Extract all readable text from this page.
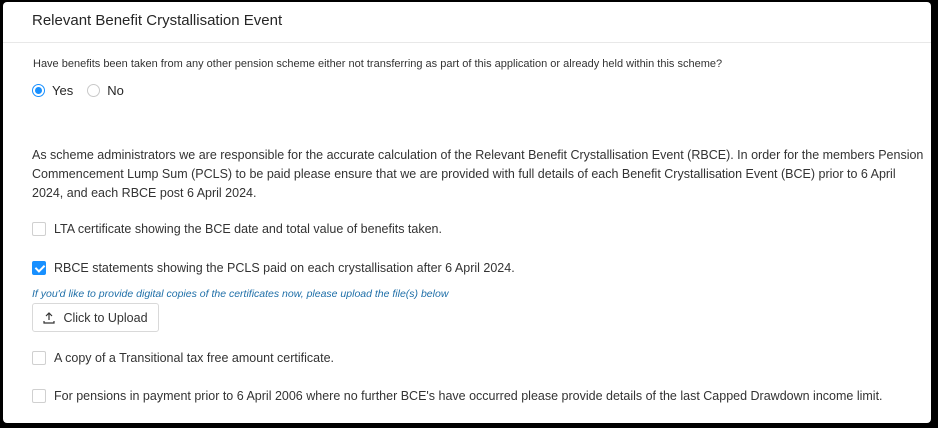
Relevant Benefit Crystallisation Event
Have benefits been taken from any other pension scheme either not transferring as part of this application or already held within this scheme?
Yes	No
As scheme administrators we are responsible for the accurate calculation of the Relevant Benefit Crystallisation Event (RBCE). In order for the members Pension Commencement Lump Sum (PCLS) to be paid please ensure that we are provided with full details of each Benefit Crystallisation Event (BCE) prior to 6 April 2024, and each RBCE post 6 April 2024.
LTA certificate showing the BCE date and total value of benefits taken.
RBCE statements showing the PCLS paid on each crystallisation after 6 April 2024.
If you'd like to provide digital copies of the certificates now, please upload the file(s) below
Click to Upload
A copy of a Transitional tax free amount certificate.
For pensions in payment prior to 6 April 2006 where no further BCE's have occurred please provide details of the last Capped Drawdown income limit.
